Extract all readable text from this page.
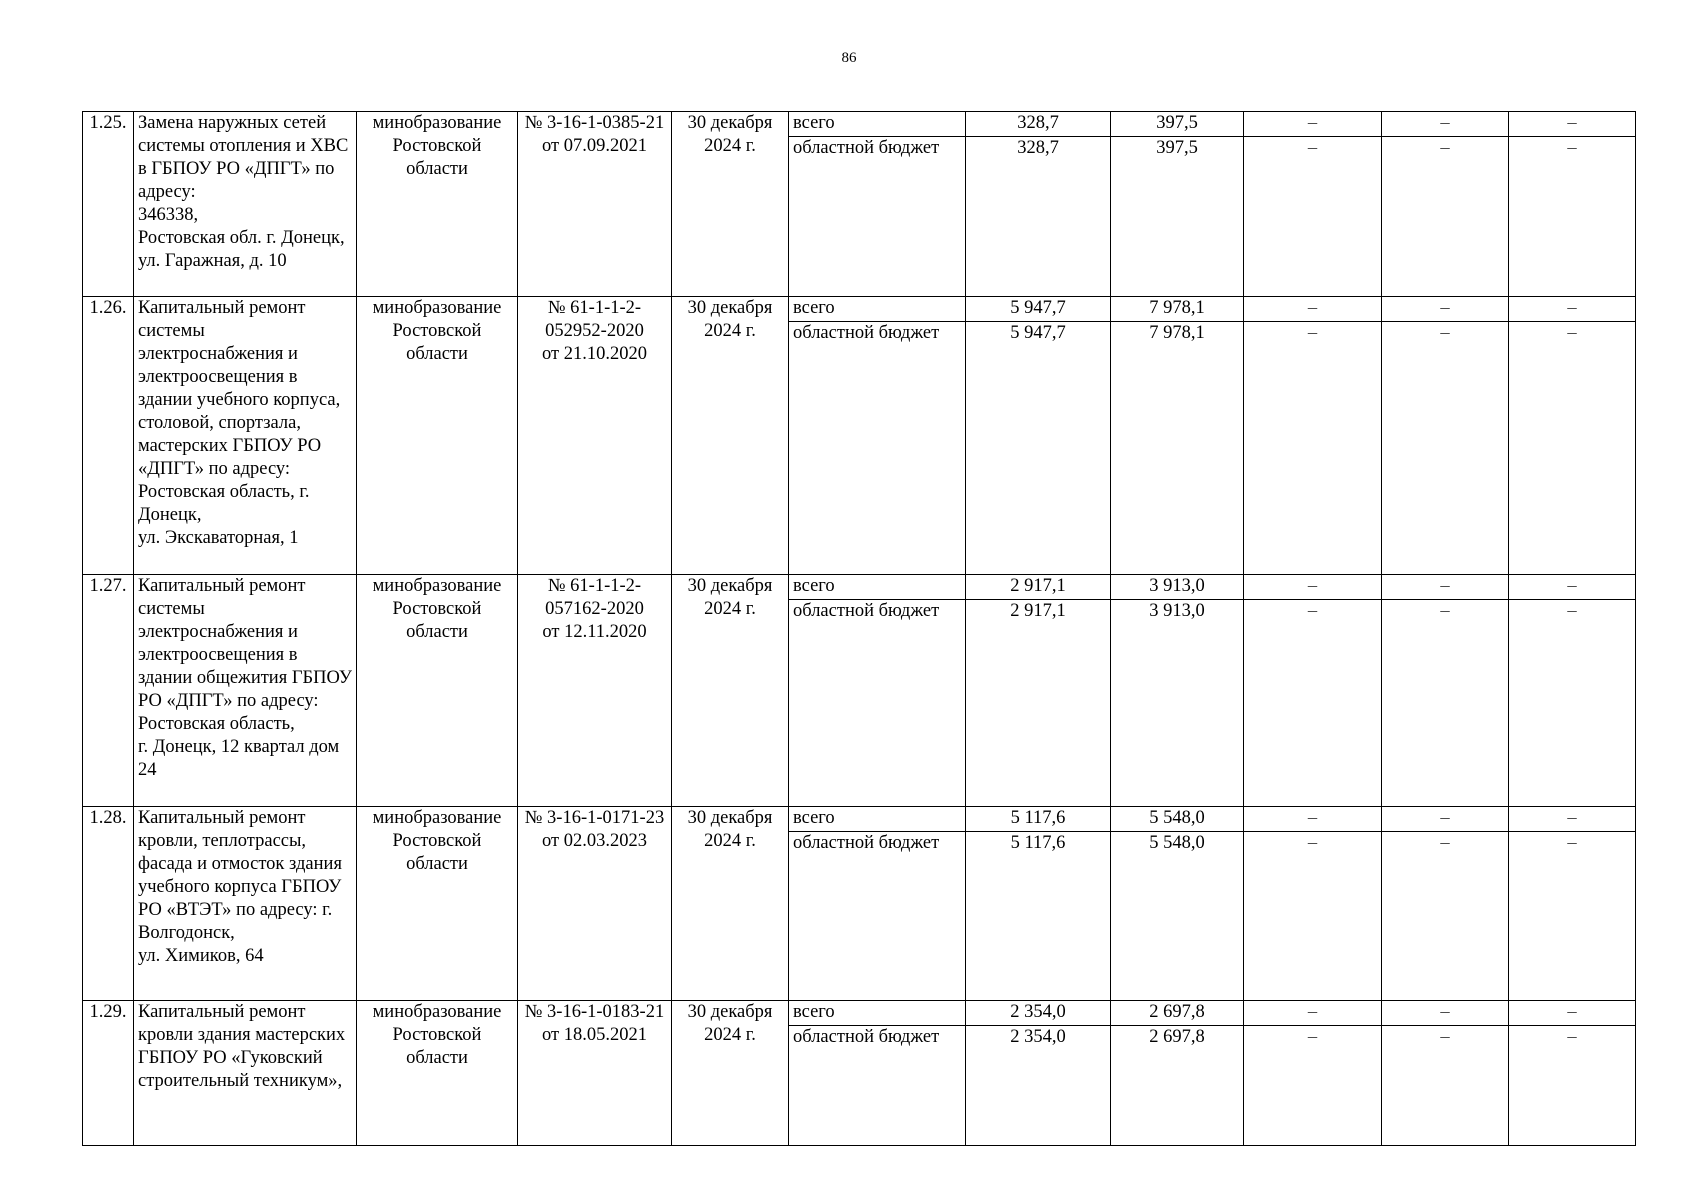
86
1.25.	Замена наружных сетей системы отопления и ХВС в ГБПОУ РО «ДПГТ» по адресу:
346338,
Ростовская обл. г. Донецк,
ул. Гаражная, д. 10	минобразование Ростовской области	№ 3-16-1-0385-21
от 07.09.2021	30 декабря 2024 г.	всего	328,7	397,5	–	–	–
					областной бюджет	328,7	397,5	–	–	–
1.26.	Капитальный ремонт системы электроснабжения и электроосвещения в здании учебного корпуса, столовой, спортзала, мастерских ГБПОУ РО «ДПГТ» по адресу:
Ростовская область, г. Донецк,
ул. Экскаваторная, 1	минобразование Ростовской области	№ 61-1-1-2-052952-2020
от 21.10.2020	30 декабря 2024 г.	всего	5 947,7	7 978,1	–	–	–
					областной бюджет	5 947,7	7 978,1	–	–	–
1.27.	Капитальный ремонт системы электроснабжения и электроосвещения в здании общежития ГБПОУ РО «ДПГТ» по адресу: Ростовская область,
г. Донецк, 12 квартал дом 24	минобразование Ростовской области	№ 61-1-1-2-057162-2020
от 12.11.2020	30 декабря 2024 г.	всего	2 917,1	3 913,0	–	–	–
					областной бюджет	2 917,1	3 913,0	–	–	–
1.28.	Капитальный ремонт кровли, теплотрассы, фасада и отмосток здания учебного корпуса ГБПОУ РО «ВТЭТ» по адресу: г. Волгодонск,
ул. Химиков, 64	минобразование Ростовской области	№ 3-16-1-0171-23
от 02.03.2023	30 декабря 2024 г.	всего	5 117,6	5 548,0	–	–	–
					областной бюджет	5 117,6	5 548,0	–	–	–
1.29.	Капитальный ремонт кровли здания мастерских ГБПОУ РО «Гуковский строительный техникум»,	минобразование Ростовской области	№ 3-16-1-0183-21
от 18.05.2021	30 декабря 2024 г.	всего	2 354,0	2 697,8	–	–	–
					областной бюджет	2 354,0	2 697,8	–	–	–
